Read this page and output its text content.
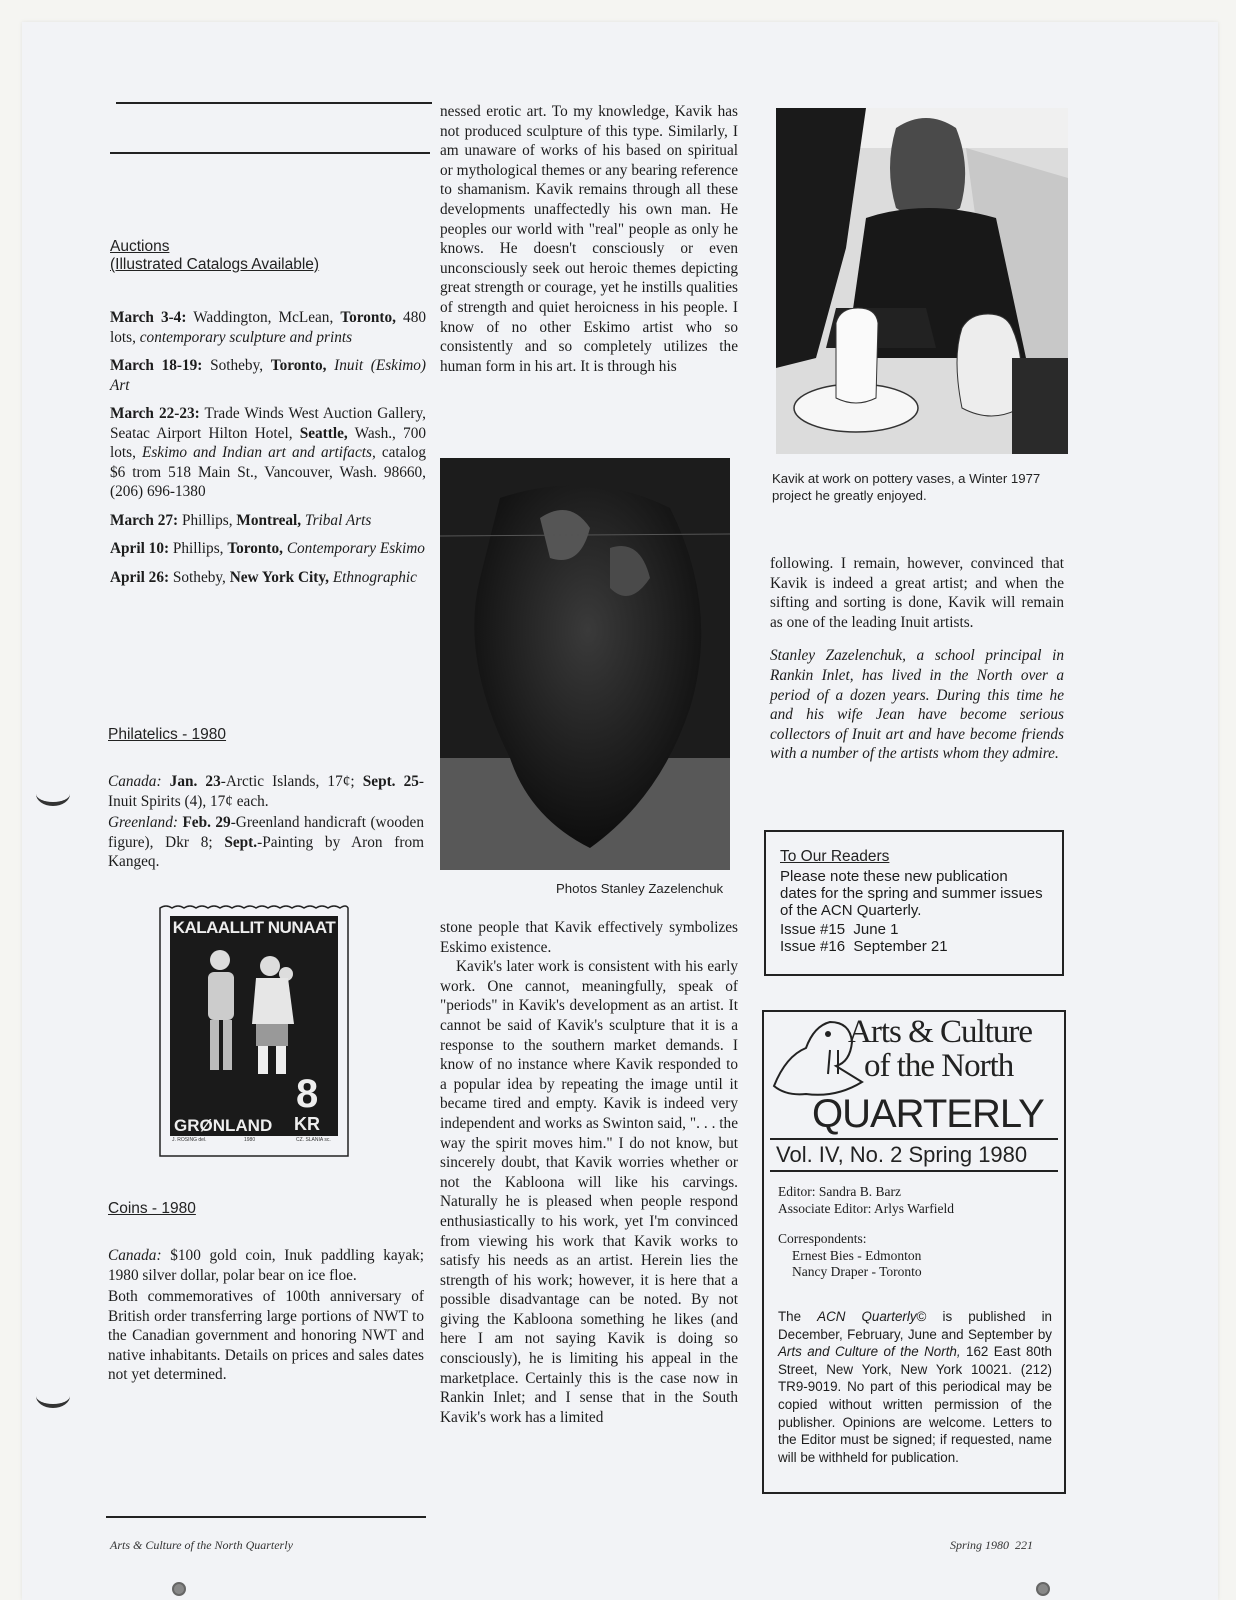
Auctions

(Illustrated Catalogs Available)

March 3-4: Waddington, McLean, Toronto, 480 lots, contemporary sculpture and prints

March 18-19: Sotheby, Toronto, Inuit (Eskimo) Art

March 22-23: Trade Winds West Auction Gallery, Seatac Airport Hilton Hotel, Seattle, Wash., 700 lots, Eskimo and Indian art and artifacts, catalog $6 trom 518 Main St., Vancouver, Wash. 98660, (206) 696-1380

March 27: Phillips, Montreal, Tribal Arts

April 10: Phillips, Toronto, Contemporary Eskimo

April 26: Sotheby, New York City, Ethnographic

Philatelics - 1980

Canada: Jan. 23-Arctic Islands, 17¢; Sept. 25-Inuit Spirits (4), 17¢ each.

Greenland: Feb. 29-Greenland handicraft (wooden figure), Dkr 8; Sept.-Painting by Aron from Kangeq.

KALAALLIT NUNAAT
GRØNLAND
8
KR
J. ROSING del.	1980	CZ. SLANIA sc.

Coins - 1980

Canada: $100 gold coin, Inuk paddling kayak; 1980 silver dollar, polar bear on ice floe.

Both commemoratives of 100th anniversary of British order transferring large portions of NWT to the Canadian government and honoring NWT and native inhabitants. Details on prices and sales dates not yet determined.

Arts & Culture of the North Quarterly

nessed erotic art. To my knowledge, Kavik has not produced sculpture of this type. Similarly, I am unaware of works of his based on spiritual or mythological themes or any bearing reference to shamanism. Kavik remains through all these developments unaffectedly his own man. He peoples our world with "real" people as only he knows. He doesn't consciously or even unconsciously seek out heroic themes depicting great strength or courage, yet he instills qualities of strength and quiet heroicness in his people. I know of no other Eskimo artist who so consistently and so completely utilizes the human form in his art. It is through his

Photos Stanley Zazelenchuk

stone people that Kavik effectively symbolizes Eskimo existence.

Kavik's later work is consistent with his early work. One cannot, meaningfully, speak of "periods" in Kavik's development as an artist. It cannot be said of Kavik's sculpture that it is a response to the southern market demands. I know of no instance where Kavik responded to a popular idea by repeating the image until it became tired and empty. Kavik is indeed very independent and works as Swinton said, ". . . the way the spirit moves him." I do not know, but sincerely doubt, that Kavik worries whether or not the Kabloona will like his carvings. Naturally he is pleased when people respond enthusiastically to his work, yet I'm convinced from viewing his work that Kavik works to satisfy his needs as an artist. Herein lies the strength of his work; however, it is here that a possible disadvantage can be noted. By not giving the Kabloona something he likes (and here I am not saying Kavik is doing so consciously), he is limiting his appeal in the marketplace. Certainly this is the case now in Rankin Inlet; and I sense that in the South Kavik's work has a limited

Kavik at work on pottery vases, a Winter 1977 project he greatly enjoyed.

following. I remain, however, convinced that Kavik is indeed a great artist; and when the sifting and sorting is done, Kavik will remain as one of the leading Inuit artists.

Stanley Zazelenchuk, a school principal in Rankin Inlet, has lived in the North over a period of a dozen years. During this time he and his wife Jean have become serious collectors of Inuit art and have become friends with a number of the artists whom they admire.

To Our Readers

Please note these new publication dates for the spring and summer issues of the ACN Quarterly.

Issue #15  June 1

Issue #16  September 21

Arts & Culture
of the North
QUARTERLY
Vol. IV, No. 2 Spring 1980
Editor: Sandra B. Barz
Associate Editor: Arlys Warfield
Correspondents:
Ernest Bies - Edmonton
Nancy Draper - Toronto
The ACN Quarterly© is published in December, February, June and September by Arts and Culture of the North, 162 East 80th Street, New York, New York 10021. (212) TR9-9019. No part of this periodical may be copied without written permission of the publisher. Opinions are welcome. Letters to the Editor must be signed; if requested, name will be withheld for publication.
Spring 1980  221
